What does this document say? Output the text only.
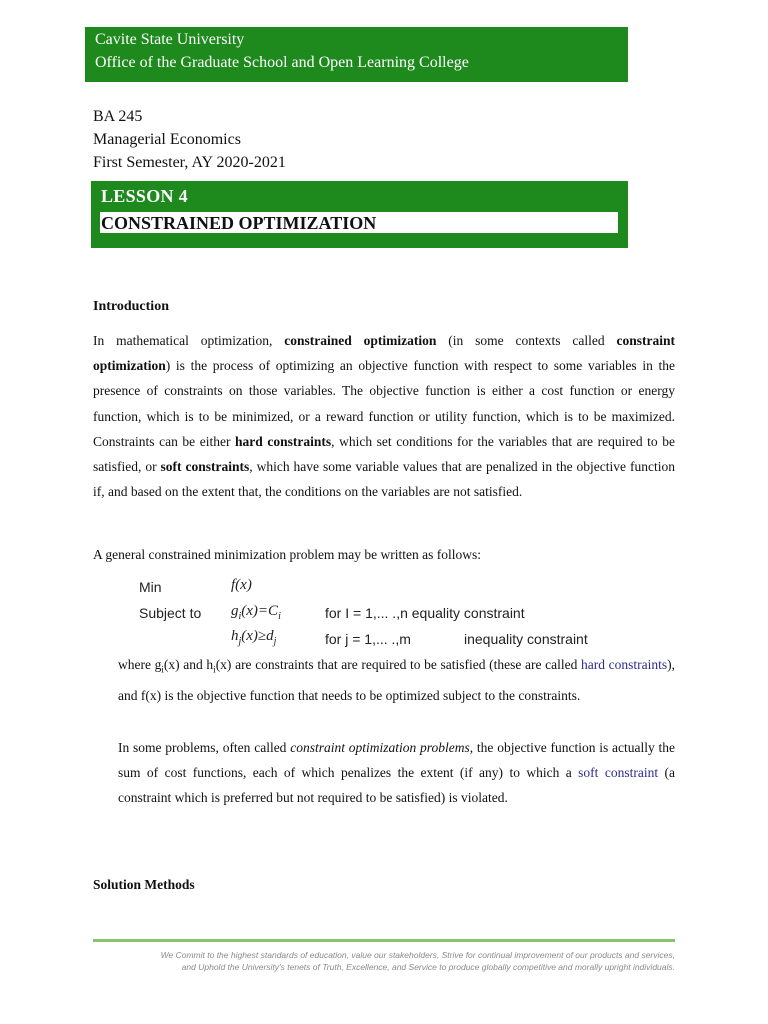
Cavite State University
Office of the Graduate School and Open Learning College
BA 245
Managerial Economics
First Semester, AY 2020-2021
LESSON 4
CONSTRAINED OPTIMIZATION
Introduction
In mathematical optimization, constrained optimization (in some contexts called constraint optimization) is the process of optimizing an objective function with respect to some variables in the presence of constraints on those variables. The objective function is either a cost function or energy function, which is to be minimized, or a reward function or utility function, which is to be maximized. Constraints can be either hard constraints, which set conditions for the variables that are required to be satisfied, or soft constraints, which have some variable values that are penalized in the objective function if, and based on the extent that, the conditions on the variables are not satisfied.
A general constrained minimization problem may be written as follows:
Min	f(x)
Subject to $g_i(x)=C_i$	for I = 1,... .,n equality constraint
$h_j(x)\ge d_j$	for j = 1,... .,m	inequality constraint
where $g_i(x)$ and $h_i(x)$ are constraints that are required to be satisfied (these are called hard constraints), and f(x) is the objective function that needs to be optimized subject to the constraints.
In some problems, often called constraint optimization problems, the objective function is actually the sum of cost functions, each of which penalizes the extent (if any) to which a soft constraint (a constraint which is preferred but not required to be satisfied) is violated.
Solution Methods
We Commit to the highest standards of education, value our stakeholders, Strive for continual improvement of our products and services,
and Uphold the University's tenets of Truth, Excellence, and Service to produce globally competitive and morally upright individuals.
